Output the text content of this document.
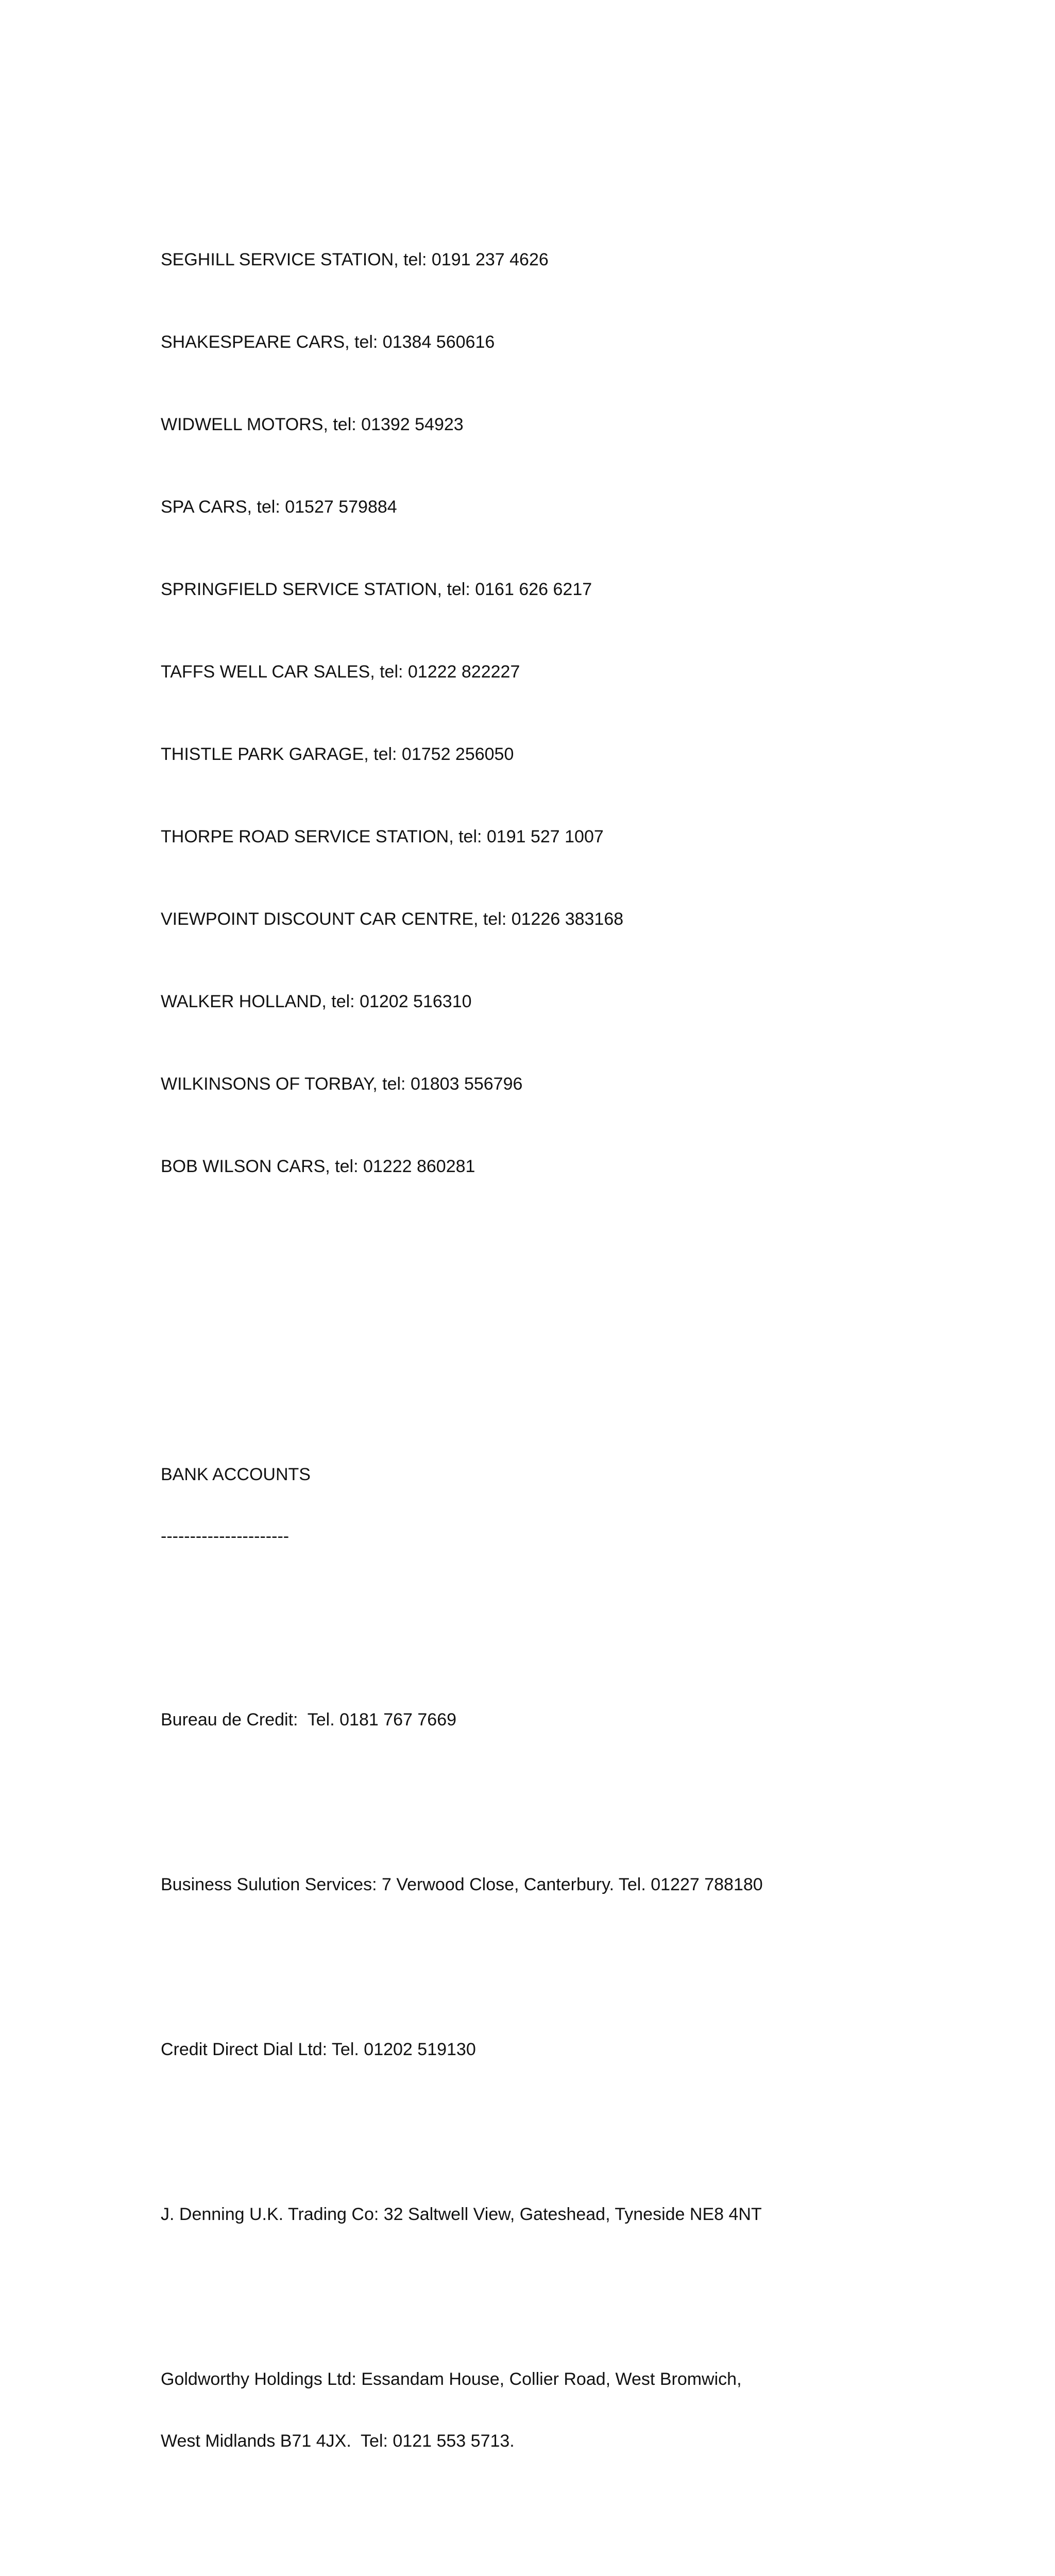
SEGHILL SERVICE STATION, tel: 0191 237 4626

SHAKESPEARE CARS, tel: 01384 560616

WIDWELL MOTORS, tel: 01392 54923

SPA CARS, tel: 01527 579884

SPRINGFIELD SERVICE STATION, tel: 0161 626 6217

TAFFS WELL CAR SALES, tel: 01222 822227

THISTLE PARK GARAGE, tel: 01752 256050

THORPE ROAD SERVICE STATION, tel: 0191 527 1007

VIEWPOINT DISCOUNT CAR CENTRE, tel: 01226 383168

WALKER HOLLAND, tel: 01202 516310

WILKINSONS OF TORBAY, tel: 01803 556796

BOB WILSON CARS, tel: 01222 860281

BANK ACCOUNTS

----------------------

Bureau de Credit:  Tel. 0181 767 7669

Business Sulution Services: 7 Verwood Close, Canterbury. Tel. 01227 788180

Credit Direct Dial Ltd: Tel. 01202 519130

J. Denning U.K. Trading Co: 32 Saltwell View, Gateshead, Tyneside NE8 4NT

Goldworthy Holdings Ltd: Essandam House, Collier Road, West Bromwich,

West Midlands B71 4JX.  Tel: 0121 553 5713.
